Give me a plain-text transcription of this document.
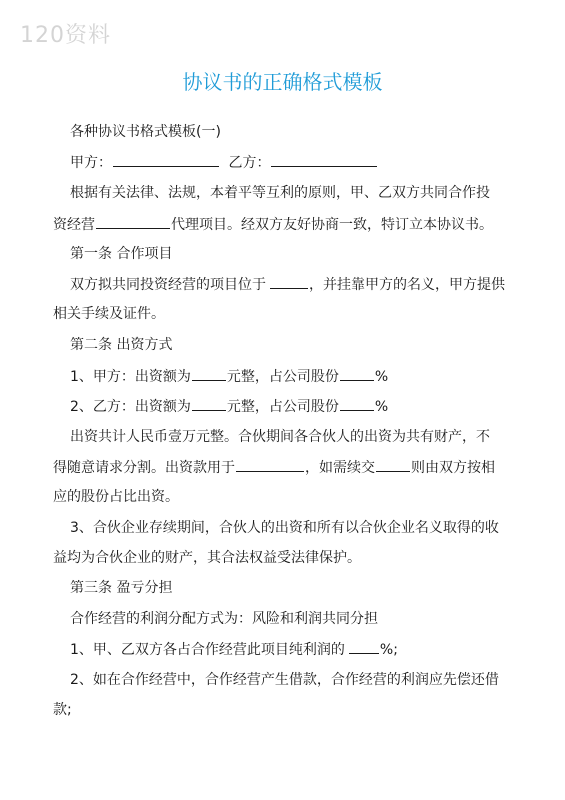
120资料
协议书的正确格式模板
各种协议书格式模板(一)
甲方：	乙方：
根据有关法律、法规，本着平等互利的原则，甲、乙双方共同合作投
资经营	代理项目。经双方友好协商一致，特订立本协议书。
第一条 合作项目
双方拟共同投资经营的项目位于	，并挂靠甲方的名义，甲方提供
相关手续及证件。
第二条 出资方式
1、甲方：出资额为	元整，占公司股份	%
2、乙方：出资额为	元整，占公司股份	%
出资共计人民币壹万元整。合伙期间各合伙人的出资为共有财产，不
得随意请求分割。出资款用于	，如需续交	则由双方按相
应的股份占比出资。
3、合伙企业存续期间，合伙人的出资和所有以合伙企业名义取得的收
益均为合伙企业的财产，其合法权益受法律保护。
第三条 盈亏分担
合作经营的利润分配方式为：风险和利润共同分担
1、甲、乙双方各占合作经营此项目纯利润的	%;
2、如在合作经营中，合作经营产生借款，合作经营的利润应先偿还借
款;
